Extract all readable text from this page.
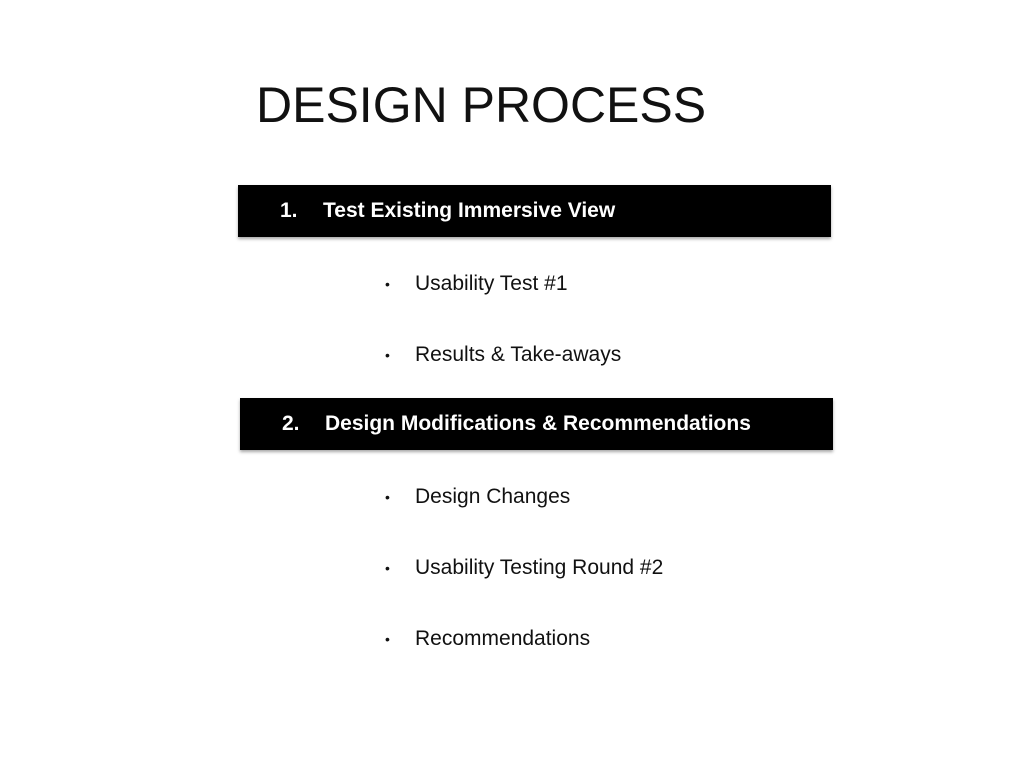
DESIGN PROCESS
1. Test Existing Immersive View
• Usability Test #1
• Results & Take-aways
2. Design Modifications & Recommendations
• Design Changes
• Usability Testing Round #2
• Recommendations
